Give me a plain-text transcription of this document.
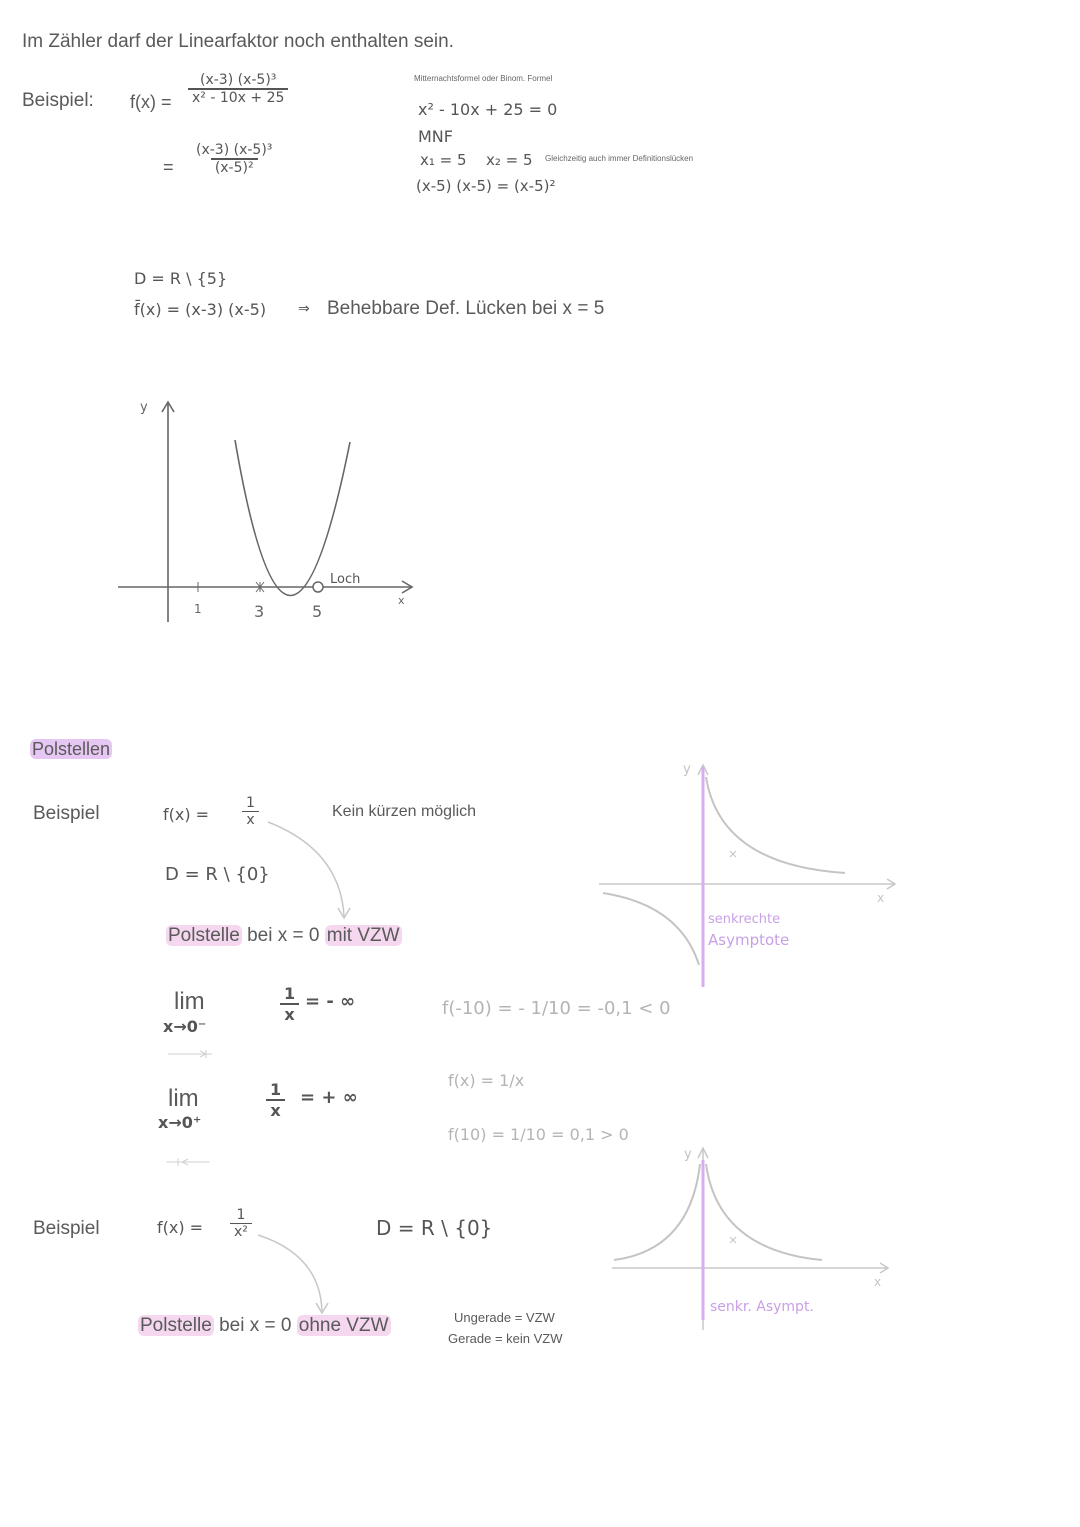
Im Zähler darf der Linearfaktor noch enthalten sein.
Beispiel: $f(x) = \frac{\text{(x-3) (x-5)³}}{\text{x² - 10x + 25}}$
= $\frac{\text{(x-3) (x-5)³}}{\text{(x-5)²}}$
Mitternachtsformel oder Binom. Formel
x² - 10x + 25 = 0
MNF
x₁ = 5 x₂ = 5 Gleichzeitig auch immer Definitionslücken
(x-5) (x-5) = (x-5)²
D = R \ {5}
f̄(x) = (x-3) (x-5) ⇒ Behebbare Def. Lücken bei x = 5
y
x
1	3	5
Loch
Polstellen
Beispiel	$f(x) = \frac{1}{x}$	Kein kürzen möglich
D = R \ {0}
Polstelle bei x = 0 mit VZW
lim
x→0⁻
$\frac{1}{x}$ = - ∞
lim
x→0⁺
$\frac{1}{x}$ = + ∞
f(-10) = - 1/10 = -0,1 < 0
f(x) = 1/x
f(10) = 1/10 = 0,1 > 0
y
x
senkrechte
Asymptote
Beispiel	$f(x) = \frac{1}{\text{x²}}$	D = R \ {0}
Polstelle bei x = 0 ohne VZW	Ungerade = VZW
Gerade = kein VZW
y
x
senkr. Asympt.
